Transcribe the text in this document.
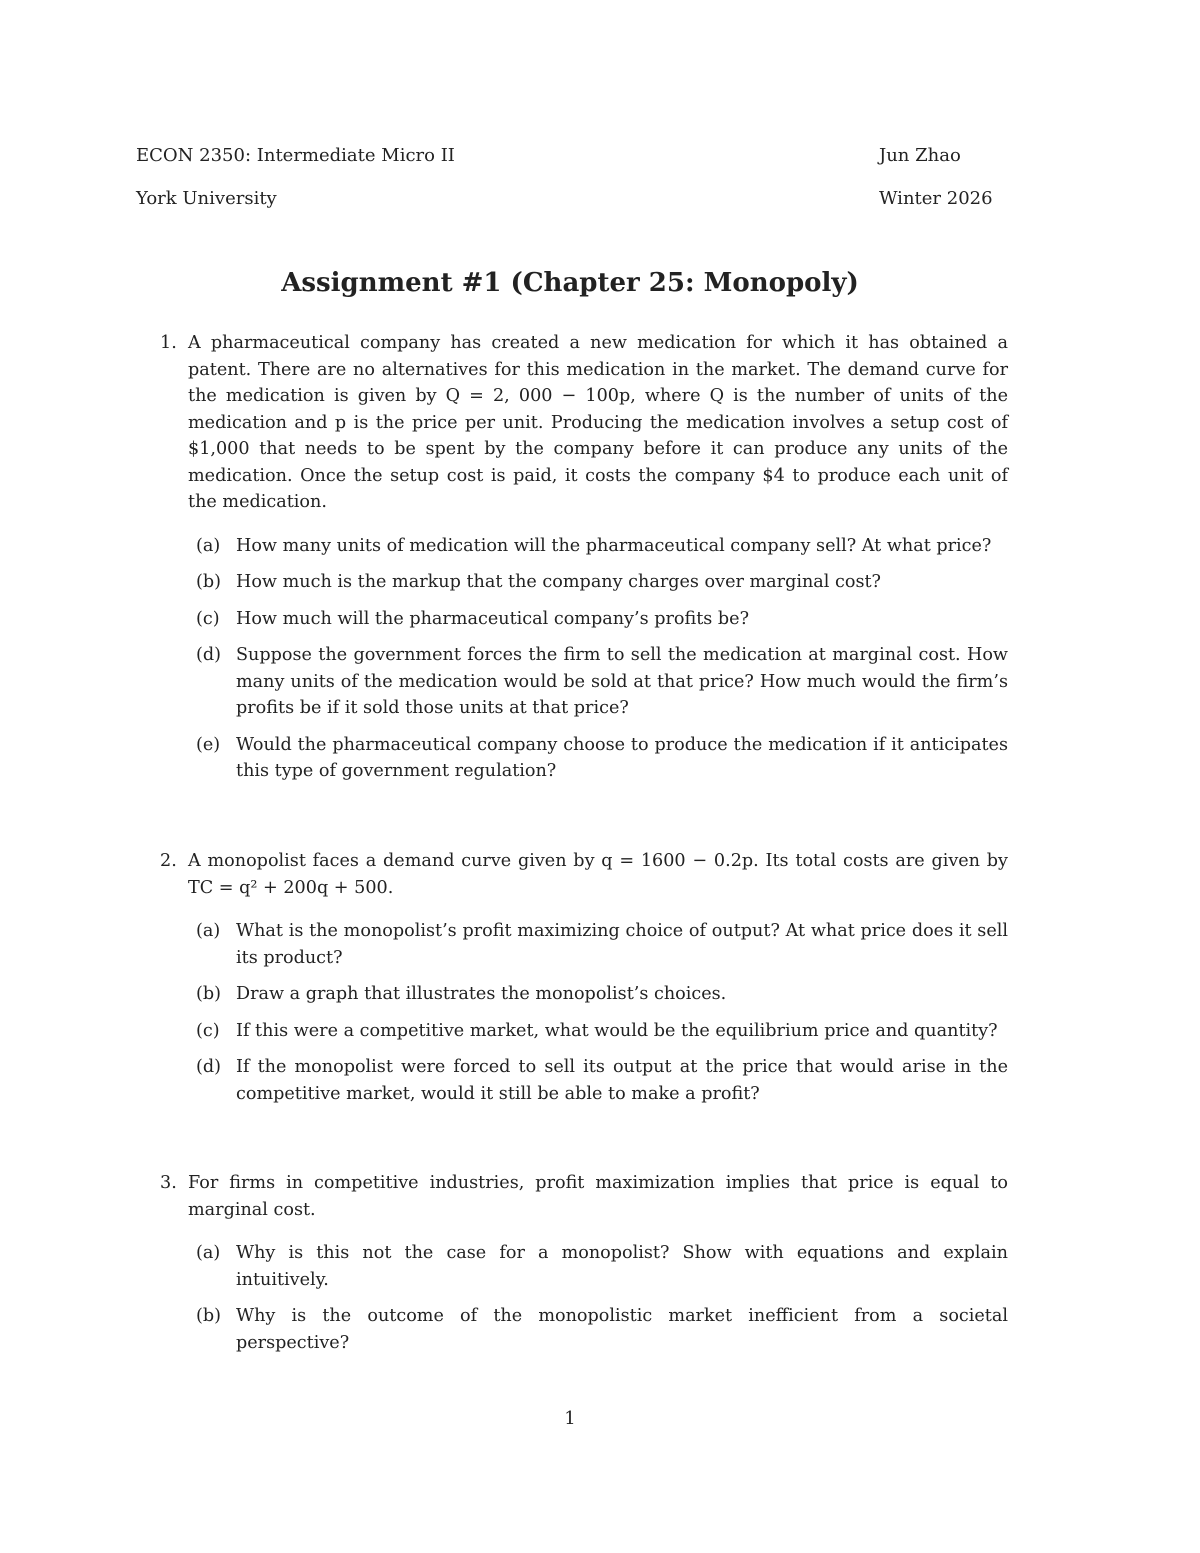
ECON 2350: Intermediate Micro II
York University
Jun Zhao
Winter 2026
Assignment #1 (Chapter 25: Monopoly)
1. A pharmaceutical company has created a new medication for which it has obtained a patent. There are no alternatives for this medication in the market. The demand curve for the medication is given by Q = 2, 000 − 100p, where Q is the number of units of the medication and p is the price per unit. Producing the medication involves a setup cost of $1,000 that needs to be spent by the company before it can produce any units of the medication. Once the setup cost is paid, it costs the company $4 to produce each unit of the medication.
(a) How many units of medication will the pharmaceutical company sell? At what price?
(b) How much is the markup that the company charges over marginal cost?
(c) How much will the pharmaceutical company’s profits be?
(d) Suppose the government forces the firm to sell the medication at marginal cost. How many units of the medication would be sold at that price? How much would the firm’s profits be if it sold those units at that price?
(e) Would the pharmaceutical company choose to produce the medication if it anticipates this type of government regulation?
2. A monopolist faces a demand curve given by q = 1600 − 0.2p. Its total costs are given by TC = q² + 200q + 500.
(a) What is the monopolist’s profit maximizing choice of output? At what price does it sell its product?
(b) Draw a graph that illustrates the monopolist’s choices.
(c) If this were a competitive market, what would be the equilibrium price and quantity?
(d) If the monopolist were forced to sell its output at the price that would arise in the competitive market, would it still be able to make a profit?
3. For firms in competitive industries, profit maximization implies that price is equal to marginal cost.
(a) Why is this not the case for a monopolist? Show with equations and explain intuitively.
(b) Why is the outcome of the monopolistic market inefficient from a societal perspective?
1
